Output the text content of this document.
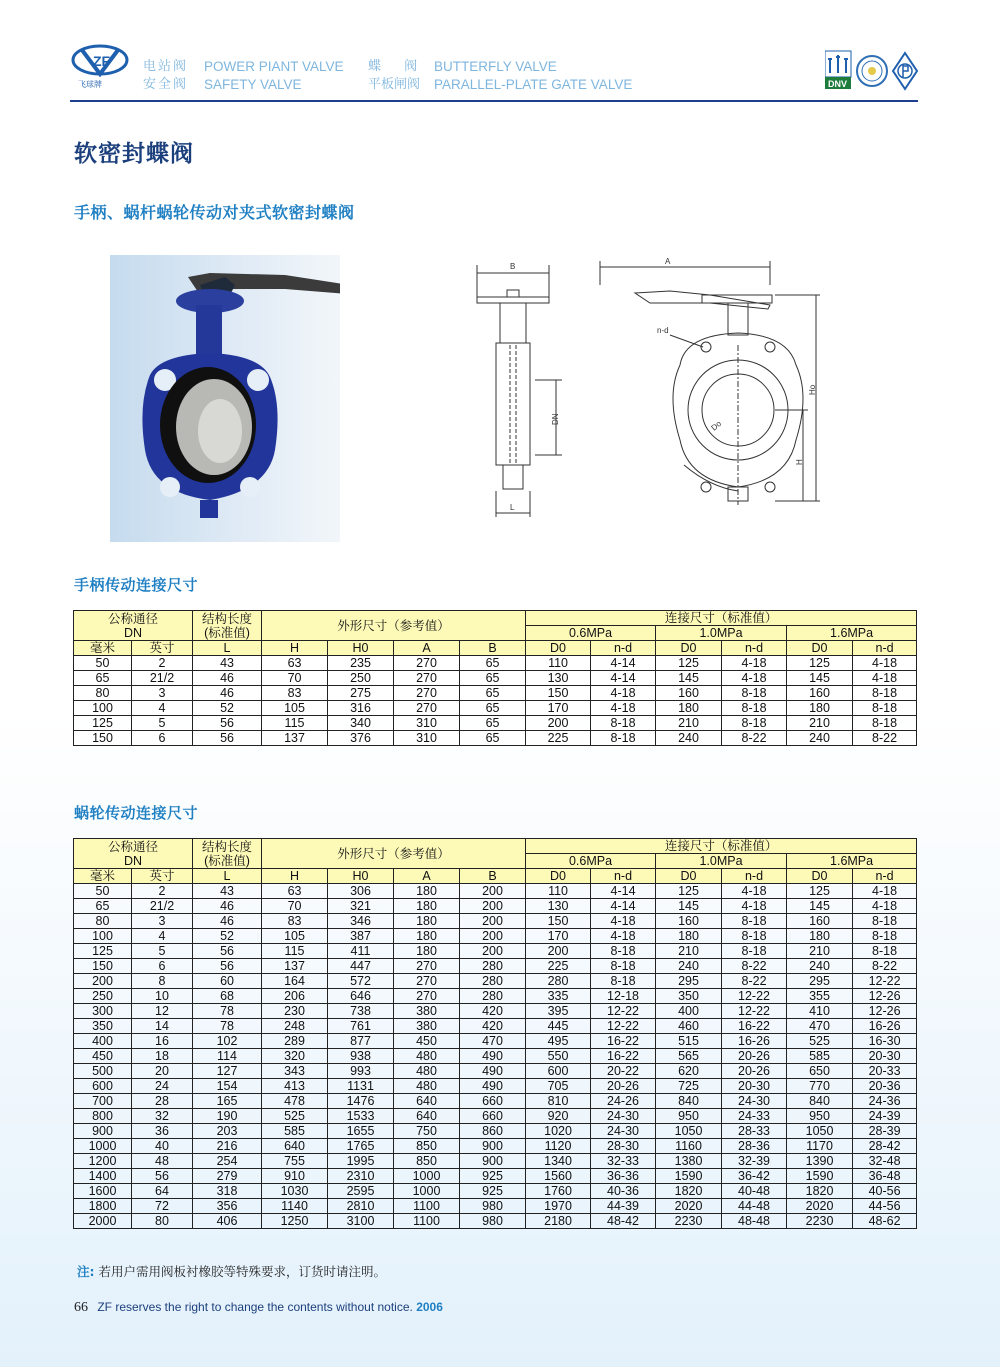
ZF
飞球牌
电站阀 POWER PIANT VALVE
安全阀 SAFETY VALVE
蝶　 阀 BUTTERFLY VALVE
平板闸阀 PARALLEL-PLATE GATE VALVE	DNV
软密封蝶阀
手柄、蜗杆蜗轮传动对夹式软密封蝶阀
B
DN
L
A
n-d
Do
Ho
H
手柄传动连接尺寸
公称通径
DN		结构长度
(标准值)	外形尺寸（参考值）				连接尺寸（标准值）					
							0.6MPa		1.0MPa		1.6MPa	
毫米	英寸	L	H	H0	A	B	D0	n-d	D0	n-d	D0	n-d
50	2	43	63	235	270	65	110	4-14	125	4-18	125	4-18
65	21/2	46	70	250	270	65	130	4-14	145	4-18	145	4-18
80	3	46	83	275	270	65	150	4-18	160	8-18	160	8-18
100	4	52	105	316	270	65	170	4-18	180	8-18	180	8-18
125	5	56	115	340	310	65	200	8-18	210	8-18	210	8-18
150	6	56	137	376	310	65	225	8-18	240	8-22	240	8-22
蜗轮传动连接尺寸
公称通径
DN		结构长度
(标准值)	外形尺寸（参考值）				连接尺寸（标准值）					
							0.6MPa		1.0MPa		1.6MPa	
毫米	英寸	L	H	H0	A	B	D0	n-d	D0	n-d	D0	n-d
50	2	43	63	306	180	200	110	4-14	125	4-18	125	4-18
65	21/2	46	70	321	180	200	130	4-14	145	4-18	145	4-18
80	3	46	83	346	180	200	150	4-18	160	8-18	160	8-18
100	4	52	105	387	180	200	170	4-18	180	8-18	180	8-18
125	5	56	115	411	180	200	200	8-18	210	8-18	210	8-18
150	6	56	137	447	270	280	225	8-18	240	8-22	240	8-22
200	8	60	164	572	270	280	280	8-18	295	8-22	295	12-22
250	10	68	206	646	270	280	335	12-18	350	12-22	355	12-26
300	12	78	230	738	380	420	395	12-22	400	12-22	410	12-26
350	14	78	248	761	380	420	445	12-22	460	16-22	470	16-26
400	16	102	289	877	450	470	495	16-22	515	16-26	525	16-30
450	18	114	320	938	480	490	550	16-22	565	20-26	585	20-30
500	20	127	343	993	480	490	600	20-22	620	20-26	650	20-33
600	24	154	413	1131	480	490	705	20-26	725	20-30	770	20-36
700	28	165	478	1476	640	660	810	24-26	840	24-30	840	24-36
800	32	190	525	1533	640	660	920	24-30	950	24-33	950	24-39
900	36	203	585	1655	750	860	1020	24-30	1050	28-33	1050	28-39
1000	40	216	640	1765	850	900	1120	28-30	1160	28-36	1170	28-42
1200	48	254	755	1995	850	900	1340	32-33	1380	32-39	1390	32-48
1400	56	279	910	2310	1000	925	1560	36-36	1590	36-42	1590	36-48
1600	64	318	1030	2595	1000	925	1760	40-36	1820	40-48	1820	40-56
1800	72	356	1140	2810	1100	980	1970	44-39	2020	44-48	2020	44-56
2000	80	406	1250	3100	1100	980	2180	48-42	2230	48-48	2230	48-62
注: 若用户需用阀板衬橡胶等特殊要求，订货时请注明。
66 ZF reserves the right to change the contents without notice. 2006
